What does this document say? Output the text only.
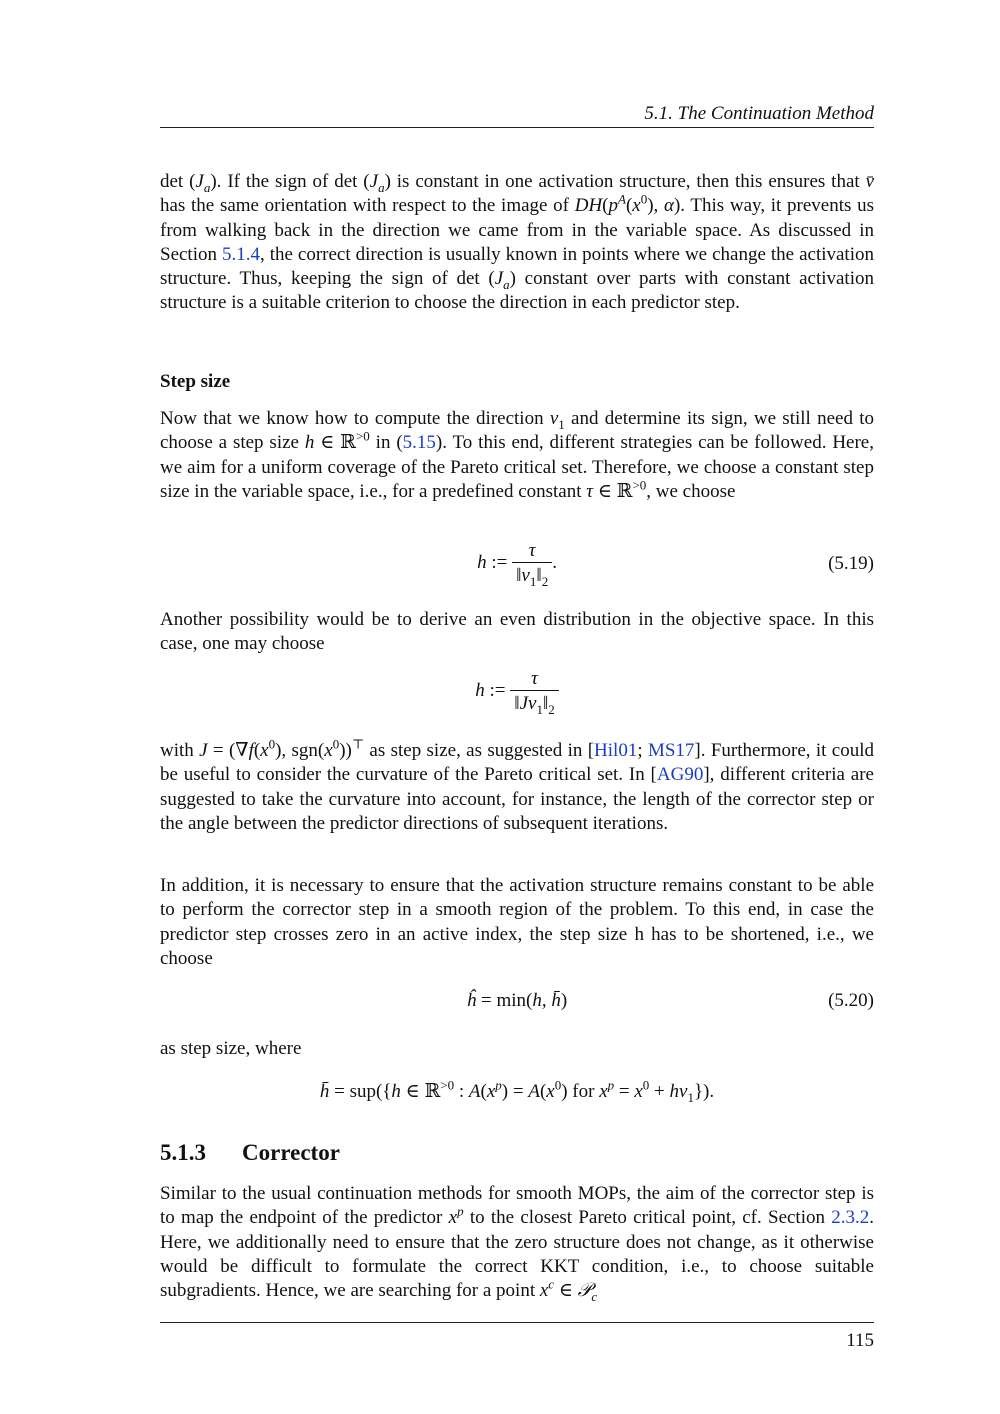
5.1. The Continuation Method
$\det (J_a)$. If the sign of $\det (J_a)$ is constant in one activation structure, then this ensures that v̄ has the same orientation with respect to the image of $DH(p^A(x^0)$, α). This way, it prevents us from walking back in the direction we came from in the variable space. As discussed in Section 5.1.4, the correct direction is usually known in points where we change the activation structure. Thus, keeping the sign of $\det (J_a)$ constant over parts with constant activation structure is a suitable criterion to choose the direction in each predictor step.
Step size
Now that we know how to compute the direction $v_1$ and determine its sign, we still need to choose a step size h ∈ ℝ$^{>0}$ in (5.15). To this end, different strategies can be followed. Here, we aim for a uniform coverage of the Pareto critical set. Therefore, we choose a constant step size in the variable space, i.e., for a predefined constant τ ∈ ℝ$^{>0}$, we choose
h := $\frac{\tau}{‖v_1‖_2}$ .	(5.19)
Another possibility would be to derive an even distribution in the objective space. In this case, one may choose
h := $\frac{\tau}{‖Jv_1‖_2}$
with $J = (\nabla f(x^0)$, $sgn(x^0))^⊤$ as step size, as suggested in [Hil01; MS17]. Furthermore, it could be useful to consider the curvature of the Pareto critical set. In [AG90], different criteria are suggested to take the curvature into account, for instance, the length of the corrector step or the angle between the predictor directions of subsequent iterations.
In addition, it is necessary to ensure that the activation structure remains constant to be able to perform the corrector step in a smooth region of the problem. To this end, in case the predictor step crosses zero in an active index, the step size h has to be shortened, i.e., we choose
ĥ = min(h, h̄)	(5.20)
as step size, where
h̄ = sup({h ∈ ℝ$^{>0}$ : $A(x^p) = A(x^0)$ for $x^p = x^0 + hv_1$}).
5.1.3 Corrector
Similar to the usual continuation methods for smooth MOPs, the aim of the corrector step is to map the endpoint of the predictor $x^p$ to the closest Pareto critical point, cf. Section 2.3.2. Here, we additionally need to ensure that the zero structure does not change, as it otherwise would be difficult to formulate the correct KKT condition, i.e., to choose suitable subgradients. Hence, we are searching for a point $x^c$ ∈ 𝒫$_c$
115
